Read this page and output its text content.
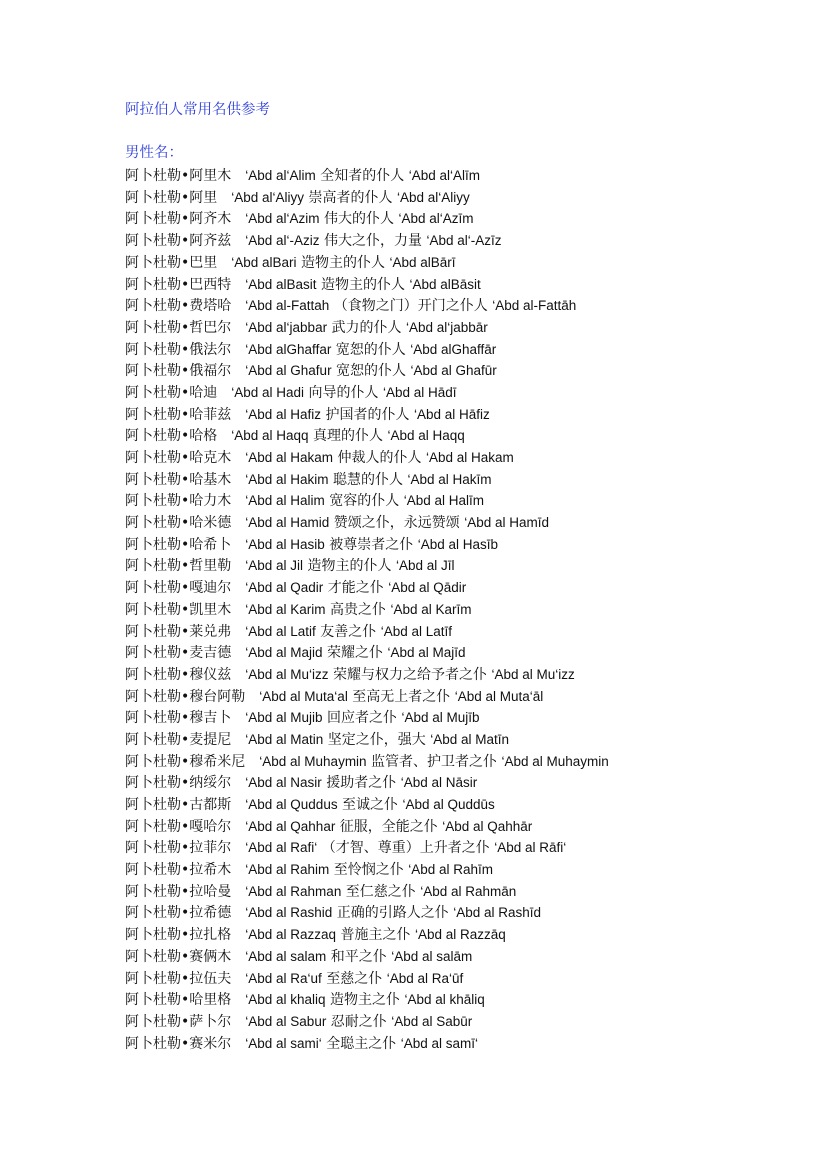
阿拉伯人常用名供参考
男性名：
阿卜杜勒•阿里木  ‘Abd al‘Alim 全知者的仆人 ‘Abd al‘Alīm
阿卜杜勒•阿里  ‘Abd al‘Aliyy 崇高者的仆人 ‘Abd al‘Aliyy
阿卜杜勒•阿齐木  ‘Abd al‘Azim 伟大的仆人 ‘Abd al‘Azīm
阿卜杜勒•阿齐兹  ‘Abd al‘-Aziz 伟大之仆，力量 ‘Abd al‘-Azīz
阿卜杜勒•巴里  ‘Abd alBari 造物主的仆人 ‘Abd alBārī
阿卜杜勒•巴西特  ‘Abd alBasit 造物主的仆人 ‘Abd alBāsit
阿卜杜勒•费塔哈  ‘Abd al-Fattah （食物之门）开门之仆人 ‘Abd al-Fattāh
阿卜杜勒•哲巴尔  ‘Abd al‘jabbar 武力的仆人 ‘Abd al‘jabbār
阿卜杜勒•俄法尔  ‘Abd alGhaffar 宽恕的仆人 ‘Abd alGhaffār
阿卜杜勒•俄福尔  ‘Abd al Ghafur 宽恕的仆人 ‘Abd al Ghafūr
阿卜杜勒•哈迪  ‘Abd al Hadi 向导的仆人 ‘Abd al Hādī
阿卜杜勒•哈菲兹  ‘Abd al Hafiz 护国者的仆人 ‘Abd al Hāfiz
阿卜杜勒•哈格  ‘Abd al Haqq 真理的仆人 ‘Abd al Haqq
阿卜杜勒•哈克木  ‘Abd al Hakam 仲裁人的仆人 ‘Abd al Hakam
阿卜杜勒•哈基木  ‘Abd al Hakim 聪慧的仆人 ‘Abd al Hakīm
阿卜杜勒•哈力木  ‘Abd al Halim 宽容的仆人 ‘Abd al Halīm
阿卜杜勒•哈米德  ‘Abd al Hamid 赞颂之仆，永远赞颂 ‘Abd al Hamīd
阿卜杜勒•哈希卜  ‘Abd al Hasib 被尊崇者之仆 ‘Abd al Hasīb
阿卜杜勒•哲里勒  ‘Abd al Jil 造物主的仆人 ‘Abd al Jīl
阿卜杜勒•嘎迪尔  ‘Abd al Qadir 才能之仆 ‘Abd al Qādir
阿卜杜勒•凯里木  ‘Abd al Karim 高贵之仆 ‘Abd al Karīm
阿卜杜勒•莱兑弗  ‘Abd al Latif 友善之仆 ‘Abd al Latīf
阿卜杜勒•麦吉德  ‘Abd al Majid 荣耀之仆 ‘Abd al Majīd
阿卜杜勒•穆仪兹  ‘Abd al Mu‘izz 荣耀与权力之给予者之仆 ‘Abd al Mu‘izz
阿卜杜勒•穆台阿勒  ‘Abd al Muta‘al 至高无上者之仆 ‘Abd al Muta‘āl
阿卜杜勒•穆吉卜  ‘Abd al Mujib 回应者之仆 ‘Abd al Mujīb
阿卜杜勒•麦提尼  ‘Abd al Matin 坚定之仆，强大 ‘Abd al Matīn
阿卜杜勒•穆希米尼  ‘Abd al Muhaymin 监管者、护卫者之仆 ‘Abd al Muhaymin
阿卜杜勒•纳绥尔  ‘Abd al Nasir 援助者之仆 ‘Abd al Nāsir
阿卜杜勒•古都斯  ‘Abd al Quddus 至诚之仆 ‘Abd al Quddūs
阿卜杜勒•嘎哈尔  ‘Abd al Qahhar 征服，全能之仆 ‘Abd al Qahhār
阿卜杜勒•拉菲尔  ‘Abd al Rafi‘ （才智、尊重）上升者之仆 ‘Abd al Rāfi‘
阿卜杜勒•拉希木  ‘Abd al Rahim 至怜悯之仆 ‘Abd al Rahīm
阿卜杜勒•拉哈曼  ‘Abd al Rahman 至仁慈之仆 ‘Abd al Rahmān
阿卜杜勒•拉希德  ‘Abd al Rashid 正确的引路人之仆 ‘Abd al Rashīd
阿卜杜勒•拉扎格  ‘Abd al Razzaq 普施主之仆 ‘Abd al Razzāq
阿卜杜勒•赛俩木  ‘Abd al salam 和平之仆 ‘Abd al salām
阿卜杜勒•拉伍夫  ‘Abd al Ra‘uf 至慈之仆 ‘Abd al Ra‘ūf
阿卜杜勒•哈里格  ‘Abd al khaliq 造物主之仆 ‘Abd al khāliq
阿卜杜勒•萨卜尔  ‘Abd al Sabur 忍耐之仆 ‘Abd al Sabūr
阿卜杜勒•赛米尔  ‘Abd al sami‘ 全聪主之仆 ‘Abd al samī‘
